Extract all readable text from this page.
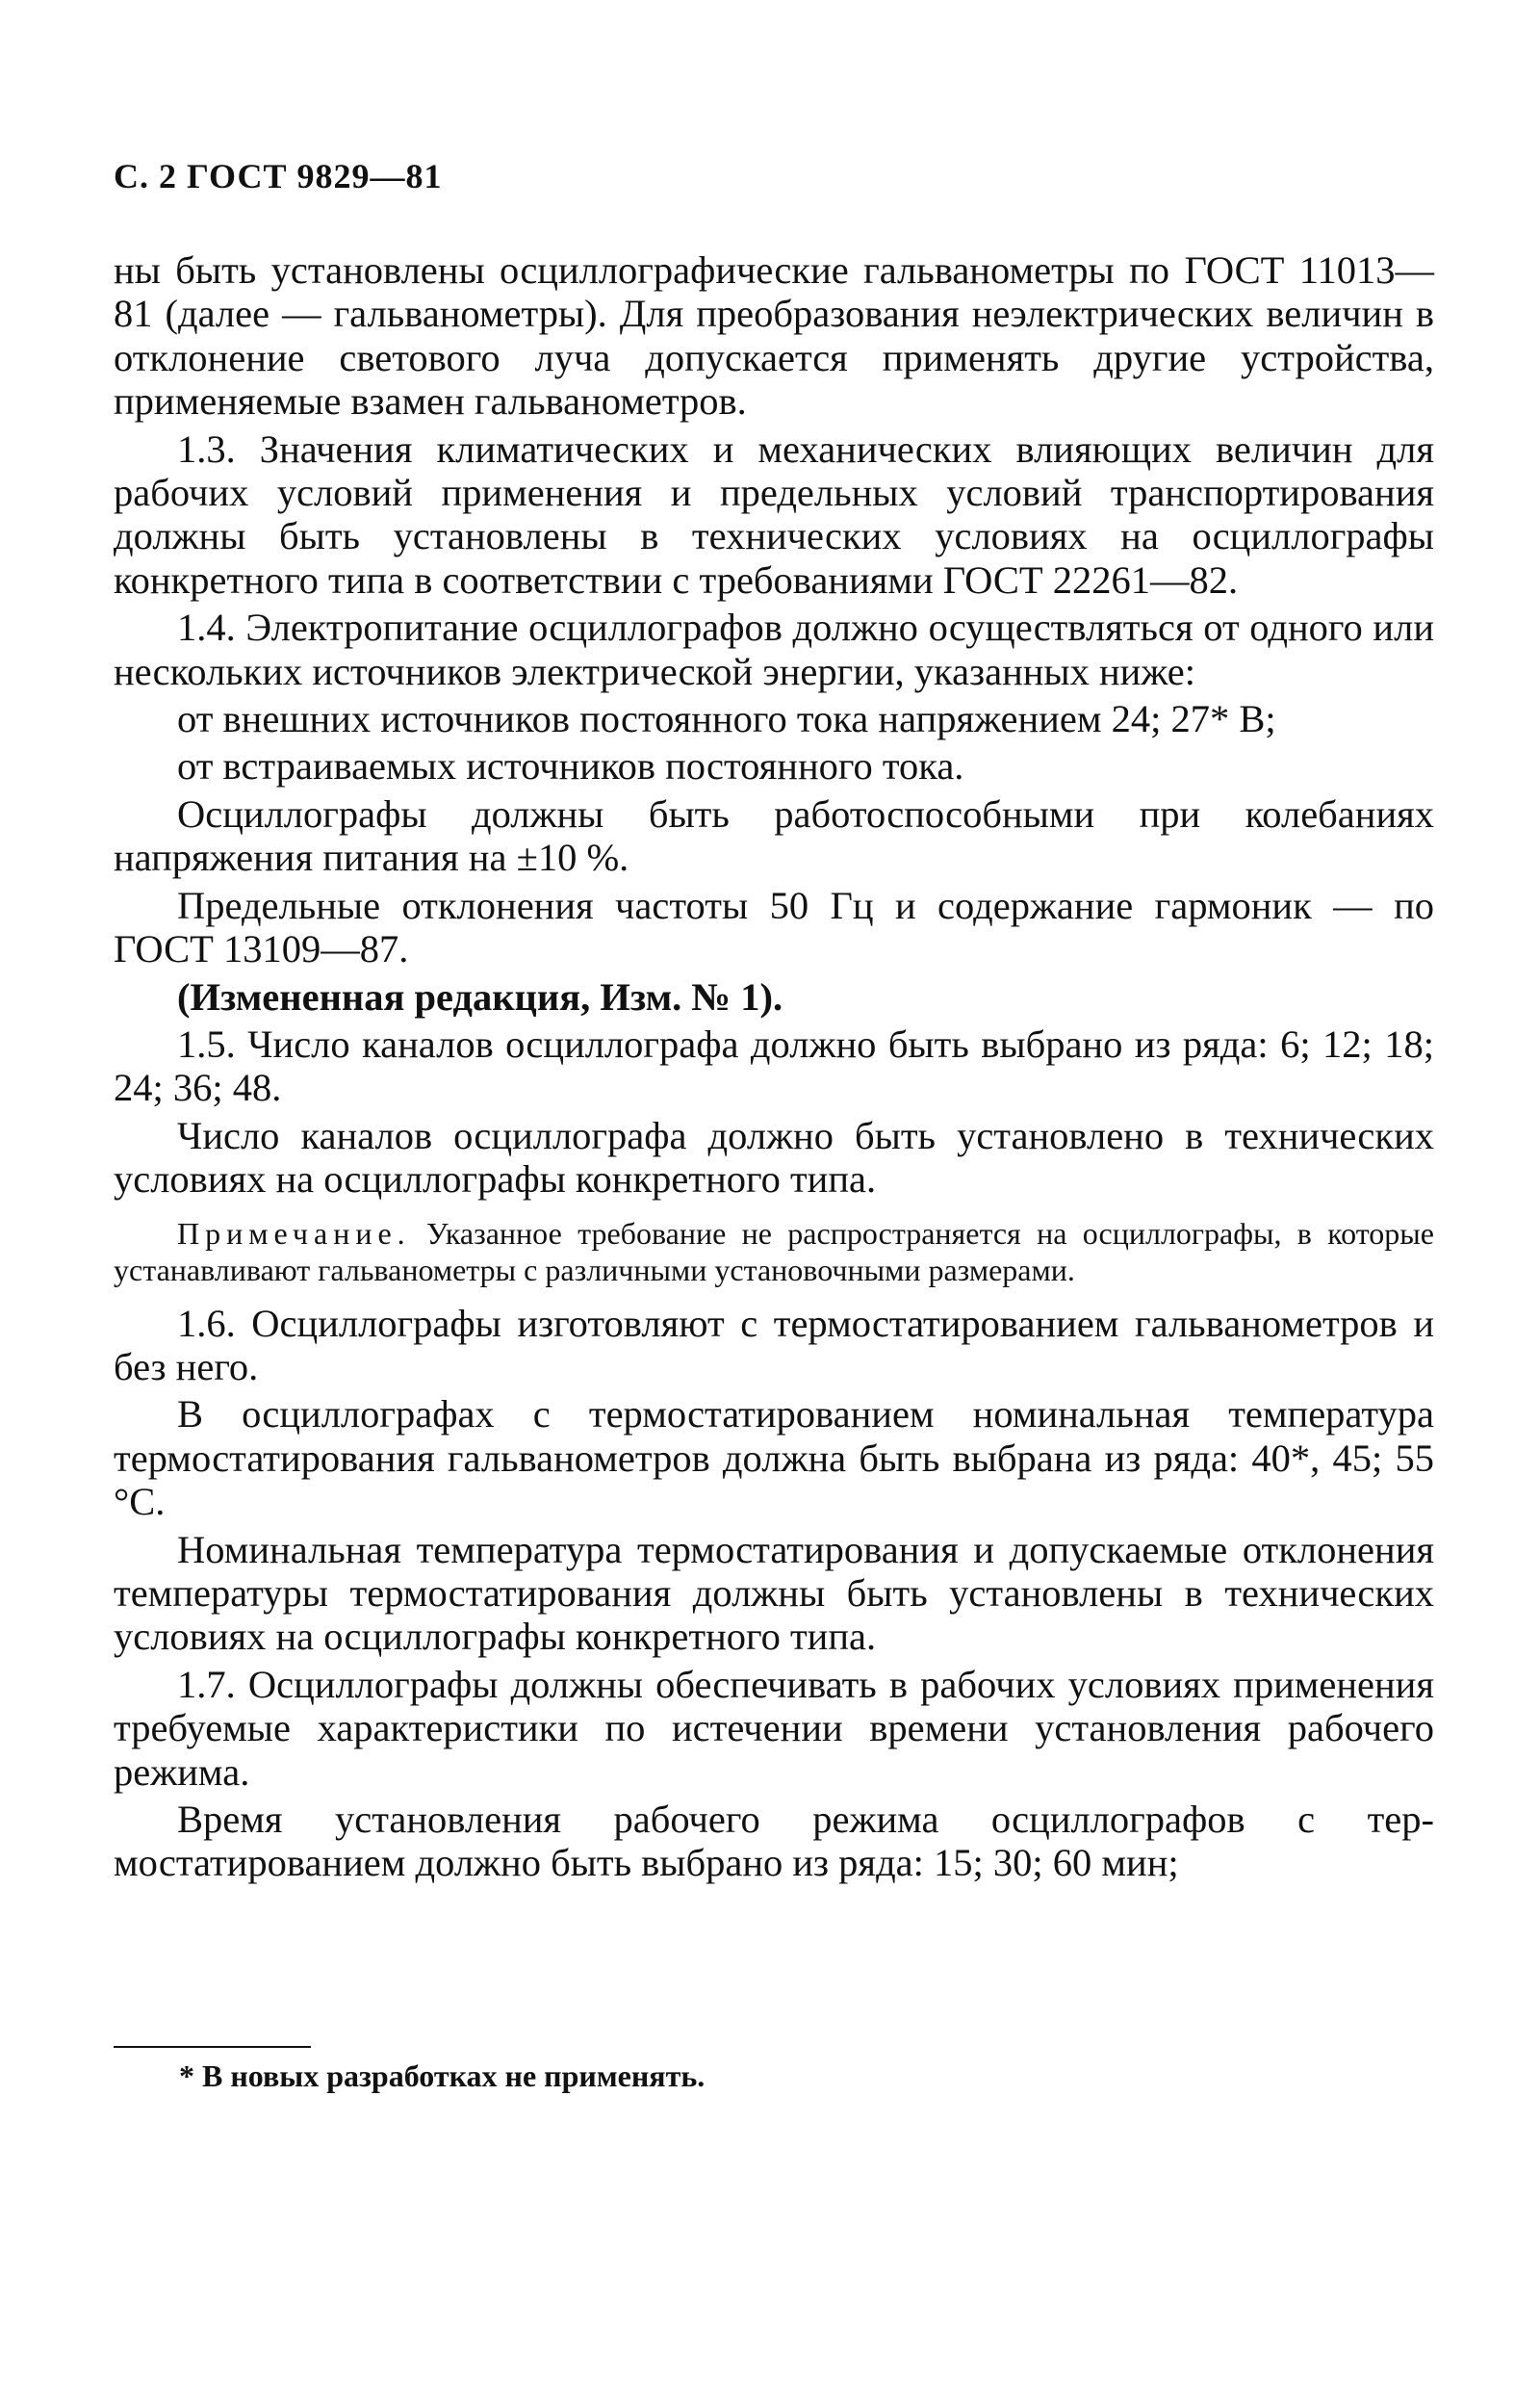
С. 2 ГОСТ 9829—81

ны быть установлены осциллографические гальванометры по ГОСТ 11013—81 (далее — гальванометры). Для преобразования неэлектрических величин в отклонение светового луча допускается применять другие устройства, применяемые взамен гальванометров.

1.3. Значения климатических и механических влияющих величин для рабочих условий применения и предельных условий транспортирования должны быть установлены в технических условиях на осциллографы конкретного типа в соответствии с требованиями ГОСТ 22261—82.

1.4. Электропитание осциллографов должно осуществляться от одного или нескольких источников электрической энергии, указанных ниже:

от внешних источников постоянного тока напряжением 24; 27* В;

от встраиваемых источников постоянного тока.

Осциллографы должны быть работоспособными при колебаниях напряжения питания на ±10 %.

Предельные отклонения частоты 50 Гц и содержание гармоник — по ГОСТ 13109—87.

(Измененная редакция, Изм. № 1).

1.5. Число каналов осциллографа должно быть выбрано из ряда: 6; 12; 18; 24; 36; 48.

Число каналов осциллографа должно быть установлено в технических условиях на осциллографы конкретного типа.

Примечание. Указанное требование не распространяется на осциллографы, в которые устанавливают гальванометры с различными установочными размерами.

1.6. Осциллографы изготовляют с термостатированием гальванометров и без него.

В осциллографах с термостатированием номинальная температура термостатирования гальванометров должна быть выбрана из ряда: 40*, 45; 55 °С.

Номинальная температура термостатирования и допускаемые отклонения температуры термостатирования должны быть установлены в технических условиях на осциллографы конкретного типа.

1.7. Осциллографы должны обеспечивать в рабочих условиях применения требуемые характеристики по истечении времени установления рабочего режима.

Время установления рабочего режима осциллографов с термостатированием должно быть выбрано из ряда: 15; 30; 60 мин;

* В новых разработках не применять.
